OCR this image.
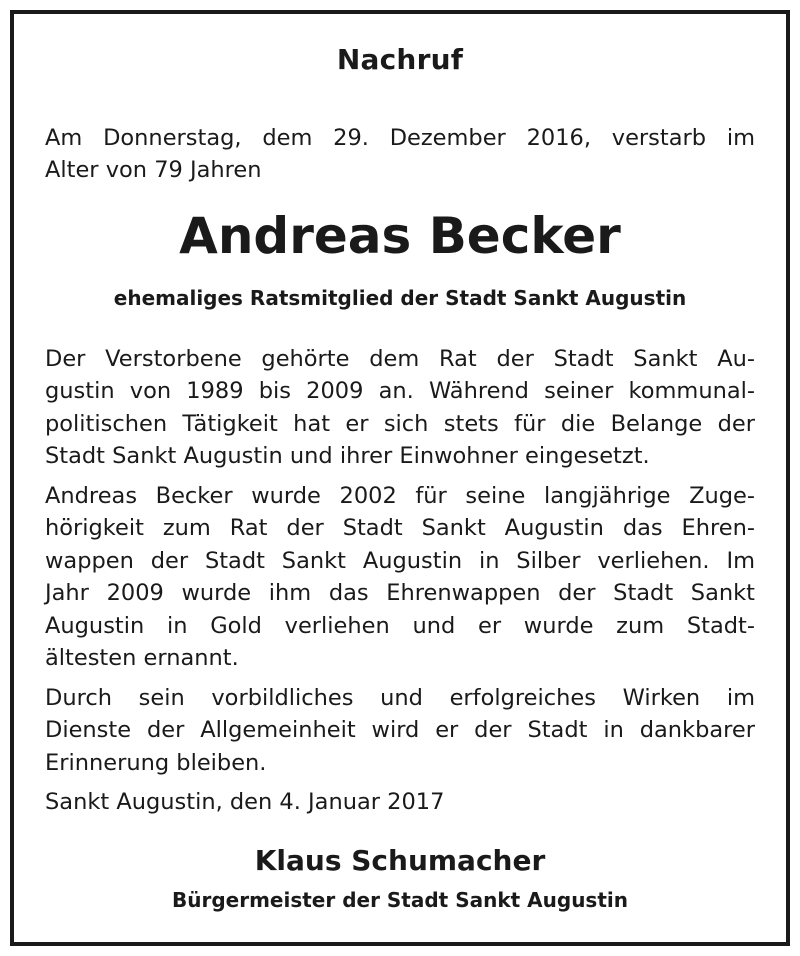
Nachruf
Am Donnerstag, dem 29. Dezember 2016, verstarb im
Alter von 79 Jahren
Andreas Becker
ehemaliges Ratsmitglied der Stadt Sankt Augustin
Der Verstorbene gehörte dem Rat der Stadt Sankt Au-
gustin von 1989 bis 2009 an. Während seiner kommunal-
politischen Tätigkeit hat er sich stets für die Belange der
Stadt Sankt Augustin und ihrer Einwohner eingesetzt.
Andreas Becker wurde 2002 für seine langjährige Zuge-
hörigkeit zum Rat der Stadt Sankt Augustin das Ehren-
wappen der Stadt Sankt Augustin in Silber verliehen. Im
Jahr 2009 wurde ihm das Ehrenwappen der Stadt Sankt
Augustin in Gold verliehen und er wurde zum Stadt-
ältesten ernannt.
Durch sein vorbildliches und erfolgreiches Wirken im
Dienste der Allgemeinheit wird er der Stadt in dankbarer
Erinnerung bleiben.
Sankt Augustin, den 4. Januar 2017
Klaus Schumacher
Bürgermeister der Stadt Sankt Augustin
